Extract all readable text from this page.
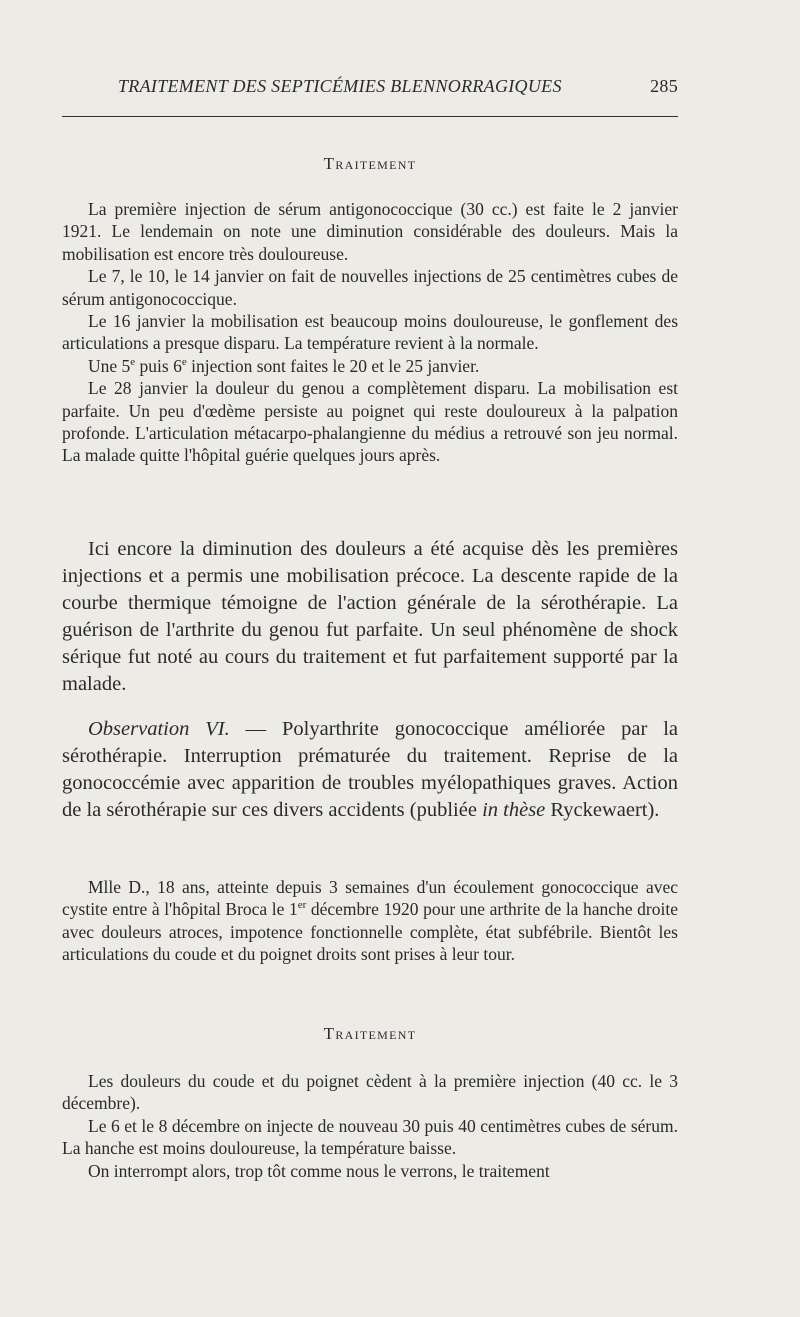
TRAITEMENT DES SEPTICÉMIES BLENNORRAGIQUES	285
Traitement

La première injection de sérum antigonococcique (30 cc.) est faite le 2 janvier 1921. Le lendemain on note une diminution considérable des douleurs. Mais la mobilisation est encore très douloureuse.

Le 7, le 10, le 14 janvier on fait de nouvelles injections de 25 centimètres cubes de sérum antigonococcique.

Le 16 janvier la mobilisation est beaucoup moins douloureuse, le gonflement des articulations a presque disparu. La température revient à la normale.

Une 5e puis 6e injection sont faites le 20 et le 25 janvier.

Le 28 janvier la douleur du genou a complètement disparu. La mobilisation est parfaite. Un peu d'œdème persiste au poignet qui reste douloureux à la palpation profonde. L'articulation métacarpo-phalangienne du médius a retrouvé son jeu normal. La malade quitte l'hôpital guérie quelques jours après.

Ici encore la diminution des douleurs a été acquise dès les premières injections et a permis une mobilisation précoce. La descente rapide de la courbe thermique témoigne de l'action générale de la sérothérapie. La guérison de l'arthrite du genou fut parfaite. Un seul phénomène de shock sérique fut noté au cours du traitement et fut parfaitement supporté par la malade.

Observation VI. — Polyarthrite gonococcique améliorée par la sérothérapie. Interruption prématurée du traitement. Reprise de la gonococcémie avec apparition de troubles myélopathiques graves. Action de la sérothérapie sur ces divers accidents (publiée in thèse Ryckewaert).

Mlle D., 18 ans, atteinte depuis 3 semaines d'un écoulement gonococcique avec cystite entre à l'hôpital Broca le 1er décembre 1920 pour une arthrite de la hanche droite avec douleurs atroces, impotence fonctionnelle complète, état subfébrile. Bientôt les articulations du coude et du poignet droits sont prises à leur tour.

Traitement

Les douleurs du coude et du poignet cèdent à la première injection (40 cc. le 3 décembre).

Le 6 et le 8 décembre on injecte de nouveau 30 puis 40 centimètres cubes de sérum. La hanche est moins douloureuse, la température baisse.

On interrompt alors, trop tôt comme nous le verrons, le traitement
